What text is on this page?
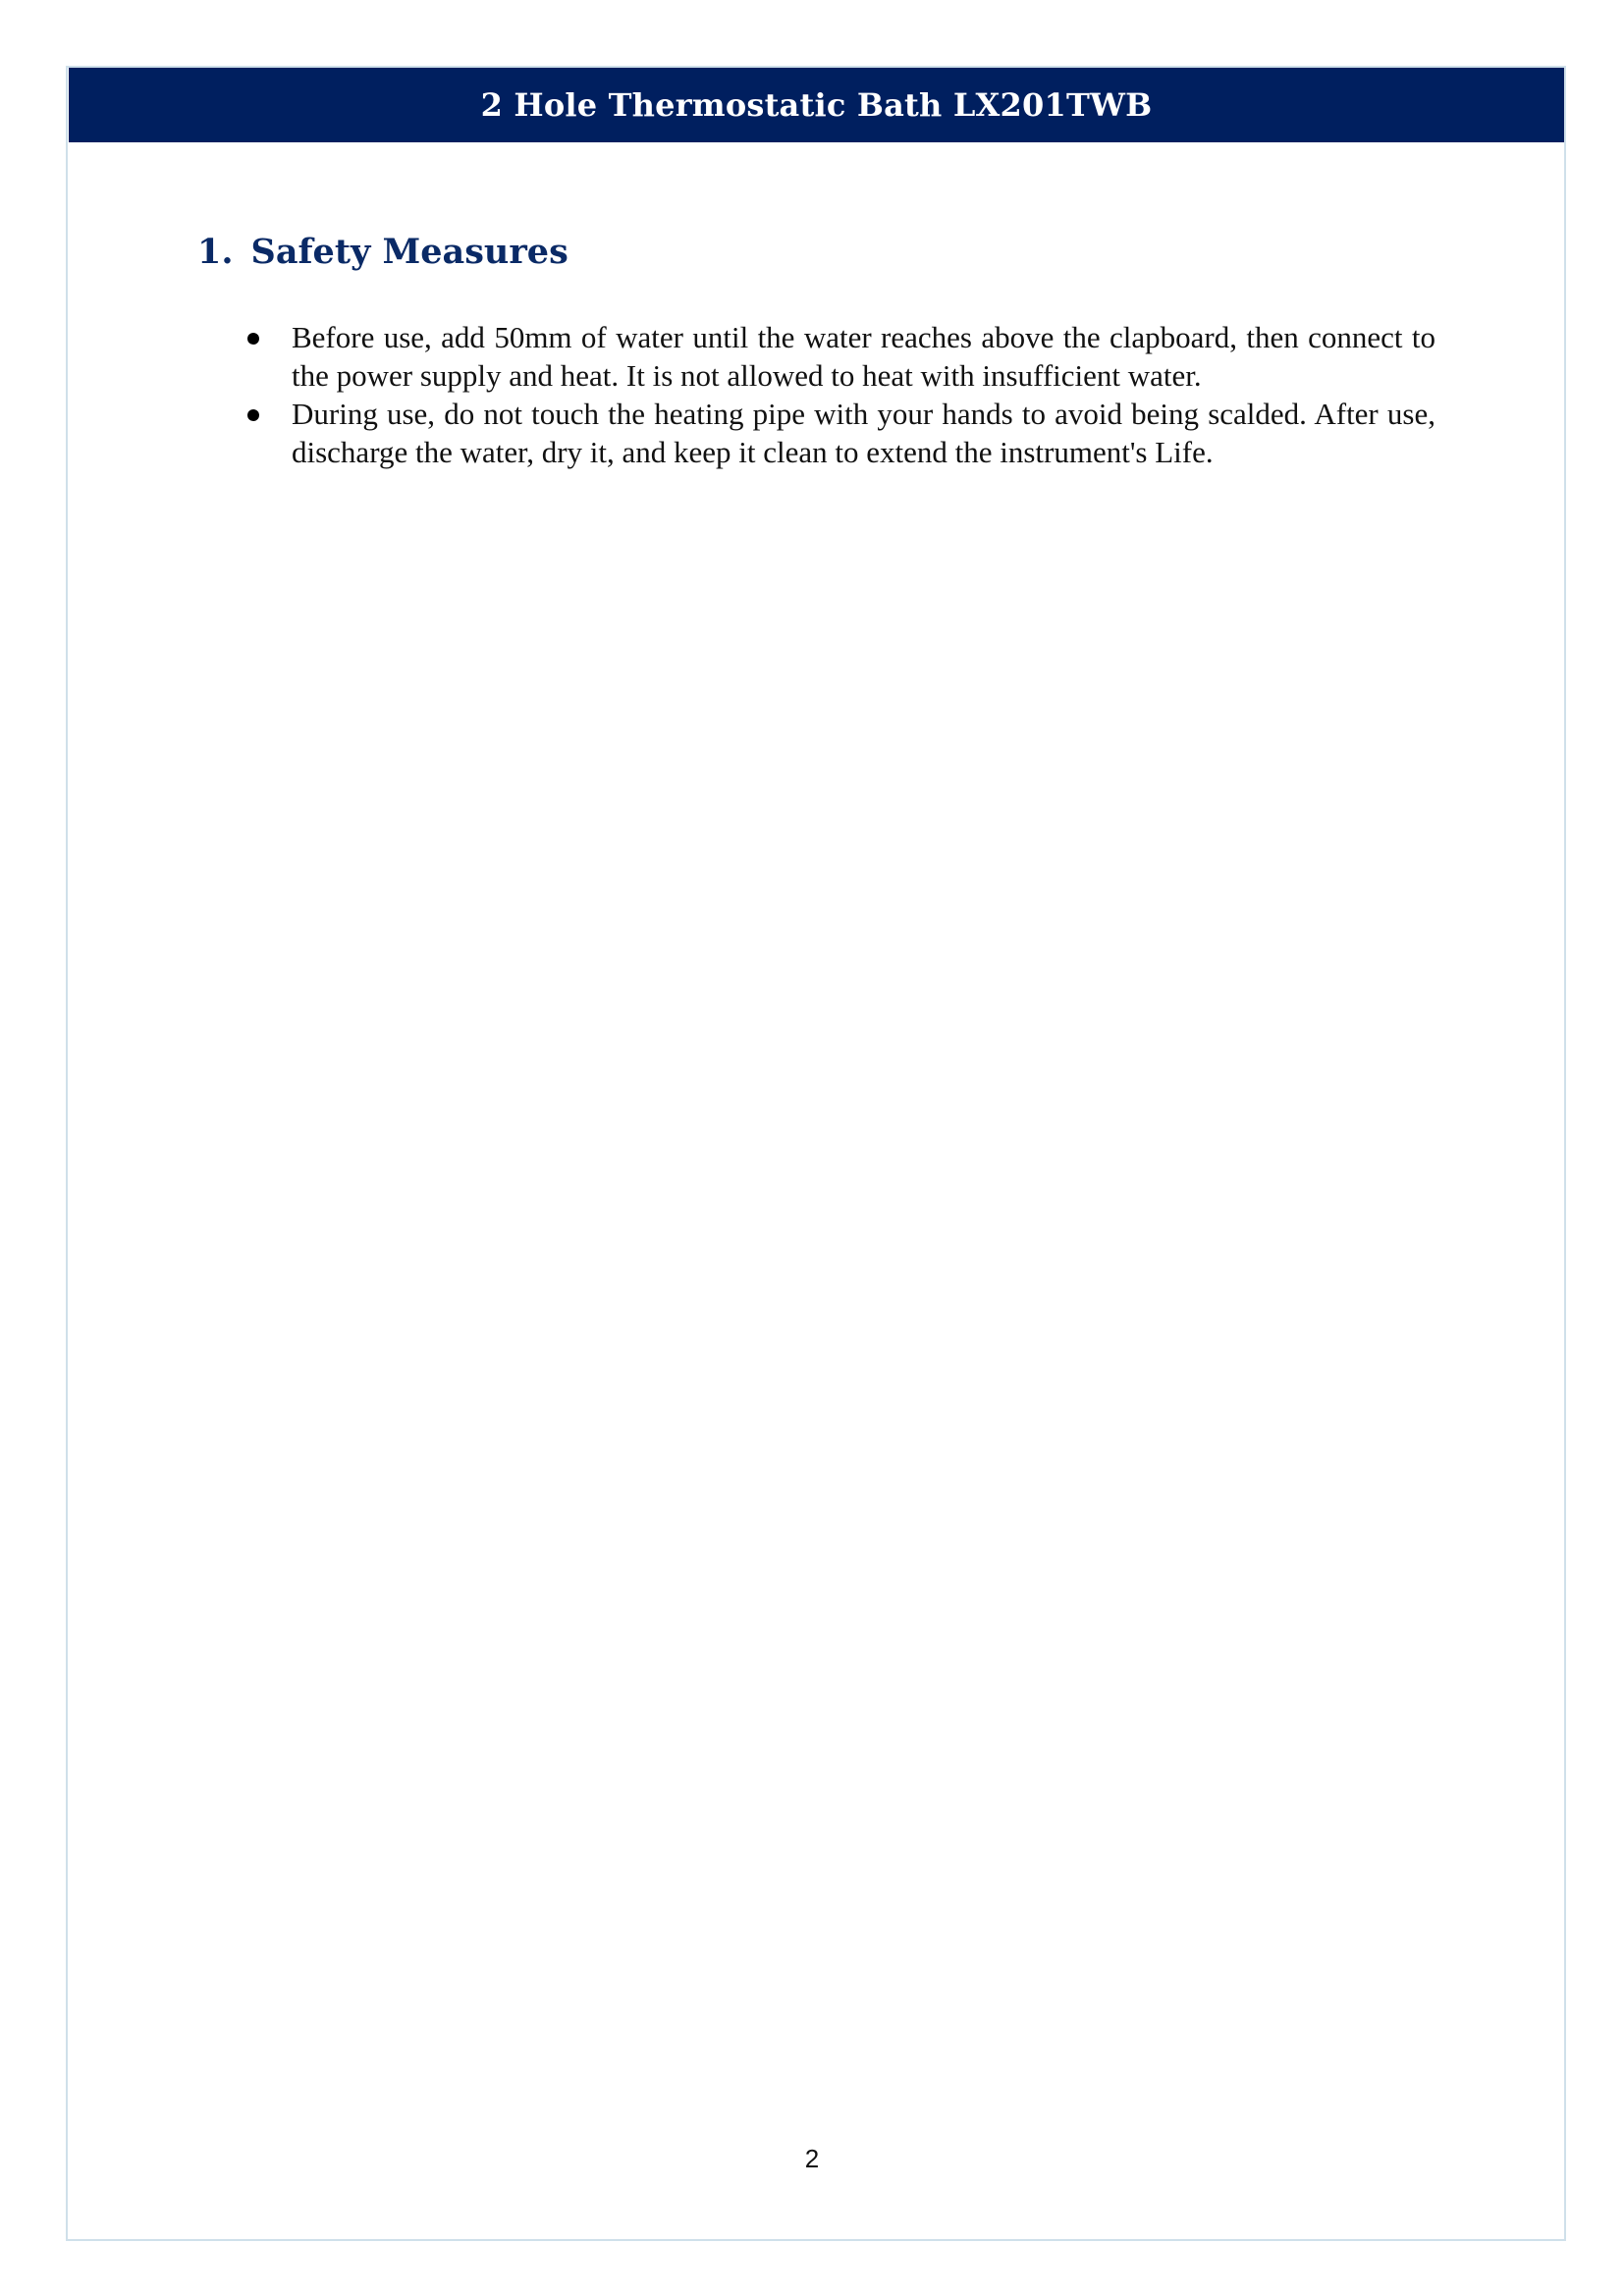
2 Hole Thermostatic Bath LX201TWB
1. Safety Measures
Before use, add 50mm of water until the water reaches above the clapboard, then connect to the power supply and heat. It is not allowed to heat with insufficient water.
During use, do not touch the heating pipe with your hands to avoid being scalded. After use, discharge the water, dry it, and keep it clean to extend the instrument's Life.
2
